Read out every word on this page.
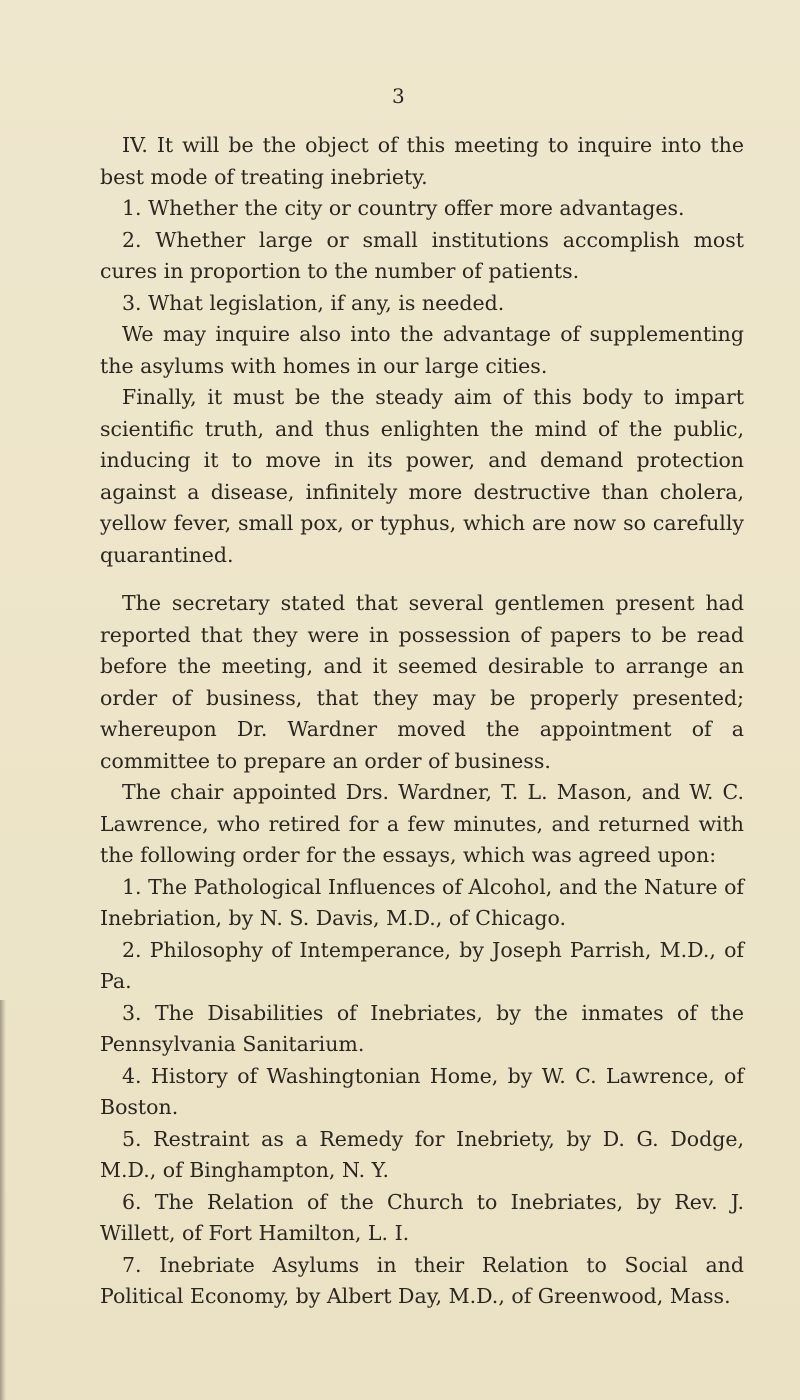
3

IV. It will be the object of this meeting to inquire into the best mode of treating inebriety.

1. Whether the city or country offer more advantages.

2. Whether large or small institutions accomplish most cures in proportion to the number of patients.

3. What legislation, if any, is needed.

We may inquire also into the advantage of supplementing the asylums with homes in our large cities.

Finally, it must be the steady aim of this body to impart scientific truth, and thus enlighten the mind of the public, inducing it to move in its power, and demand protection against a disease, infinitely more destructive than cholera, yellow fever, small pox, or typhus, which are now so carefully quarantined.

The secretary stated that several gentlemen present had reported that they were in possession of papers to be read before the meeting, and it seemed desirable to arrange an order of business, that they may be properly presented; whereupon Dr. Wardner moved the appointment of a committee to prepare an order of business.

The chair appointed Drs. Wardner, T. L. Mason, and W. C. Lawrence, who retired for a few minutes, and returned with the following order for the essays, which was agreed upon:

1. The Pathological Influences of Alcohol, and the Nature of Inebriation, by N. S. Davis, M.D., of Chicago.

2. Philosophy of Intemperance, by Joseph Parrish, M.D., of Pa.

3. The Disabilities of Inebriates, by the inmates of the Pennsylvania Sanitarium.

4. History of Washingtonian Home, by W. C. Lawrence, of Boston.

5. Restraint as a Remedy for Inebriety, by D. G. Dodge, M.D., of Binghampton, N. Y.

6. The Relation of the Church to Inebriates, by Rev. J. Willett, of Fort Hamilton, L. I.

7. Inebriate Asylums in their Relation to Social and Political Economy, by Albert Day, M.D., of Greenwood, Mass.
